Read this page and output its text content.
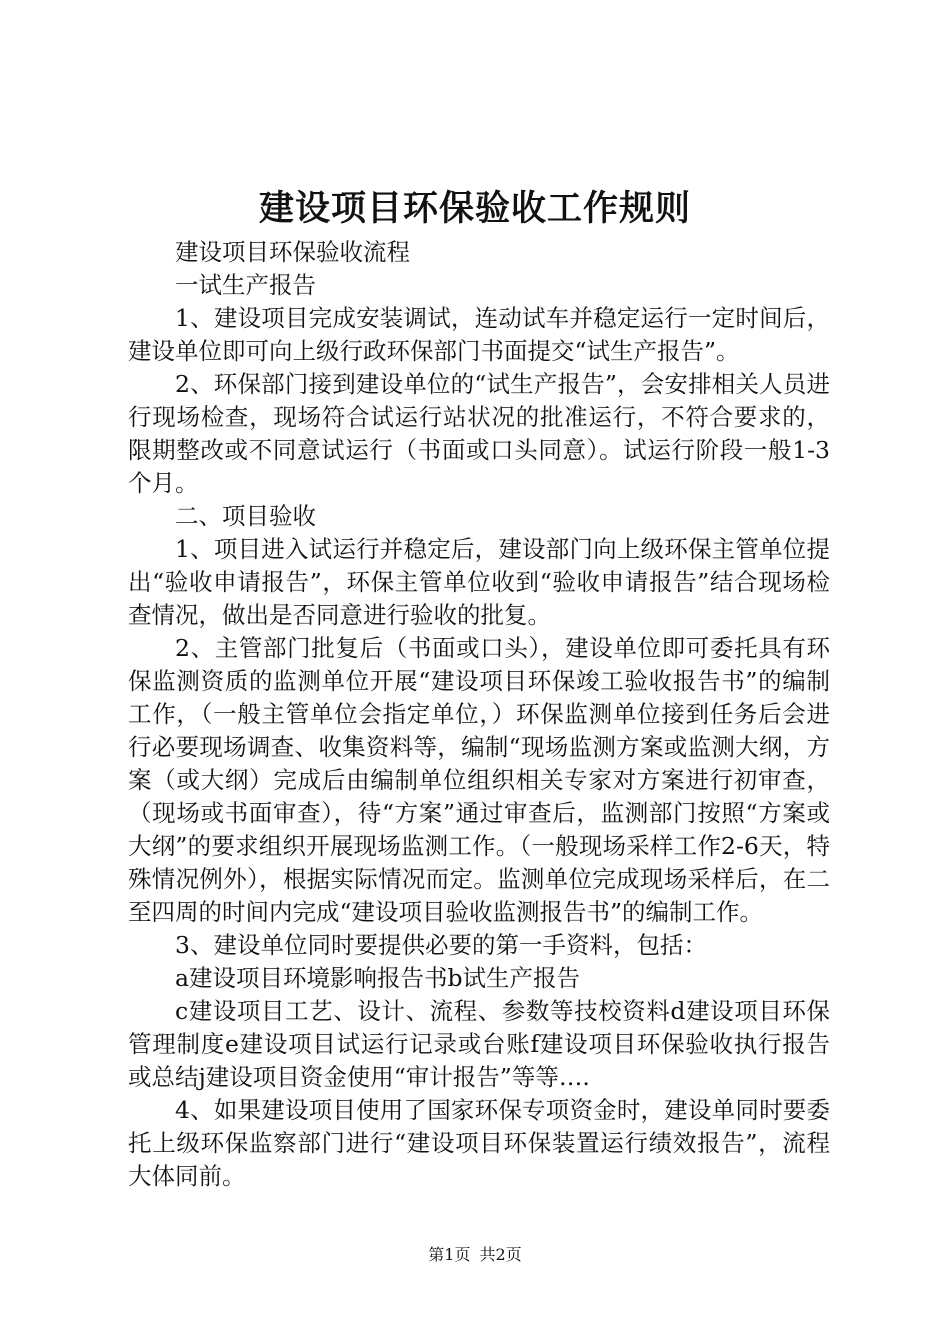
建设项目环保验收工作规则

建设项目环保验收流程

一试生产报告

1、建设项目完成安装调试，连动试车并稳定运行一定时间后，建设单位即可向上级行政环保部门书面提交“试生产报告”。

2、环保部门接到建设单位的“试生产报告”，会安排相关人员进行现场检查，现场符合试运行站状况的批准运行，不符合要求的，限期整改或不同意试运行（书面或口头同意）。试运行阶段一般1-3个月。

二、项目验收

1、项目进入试运行并稳定后，建设部门向上级环保主管单位提出“验收申请报告”，环保主管单位收到“验收申请报告”结合现场检查情况，做出是否同意进行验收的批复。

2、主管部门批复后（书面或口头），建设单位即可委托具有环保监测资质的监测单位开展“建设项目环保竣工验收报告书”的编制工作，（一般主管单位会指定单位，）环保监测单位接到任务后会进行必要现场调查、收集资料等，编制“现场监测方案或监测大纲，方案（或大纲）完成后由编制单位组织相关专家对方案进行初审查，（现场或书面审查），待“方案”通过审查后，监测部门按照“方案或大纲”的要求组织开展现场监测工作。（一般现场采样工作2-6天，特殊情况例外），根据实际情况而定。监测单位完成现场采样后，在二至四周的时间内完成“建设项目验收监测报告书”的编制工作。

3、建设单位同时要提供必要的第一手资料，包括：

a建设项目环境影响报告书b试生产报告

c建设项目工艺、设计、流程、参数等技校资料d建设项目环保管理制度e建设项目试运行记录或台账f建设项目环保验收执行报告或总结j建设项目资金使用“审计报告”等等….

4、如果建设项目使用了国家环保专项资金时，建设单同时要委托上级环保监察部门进行“建设项目环保装置运行绩效报告”，流程大体同前。

第1页 共2页
